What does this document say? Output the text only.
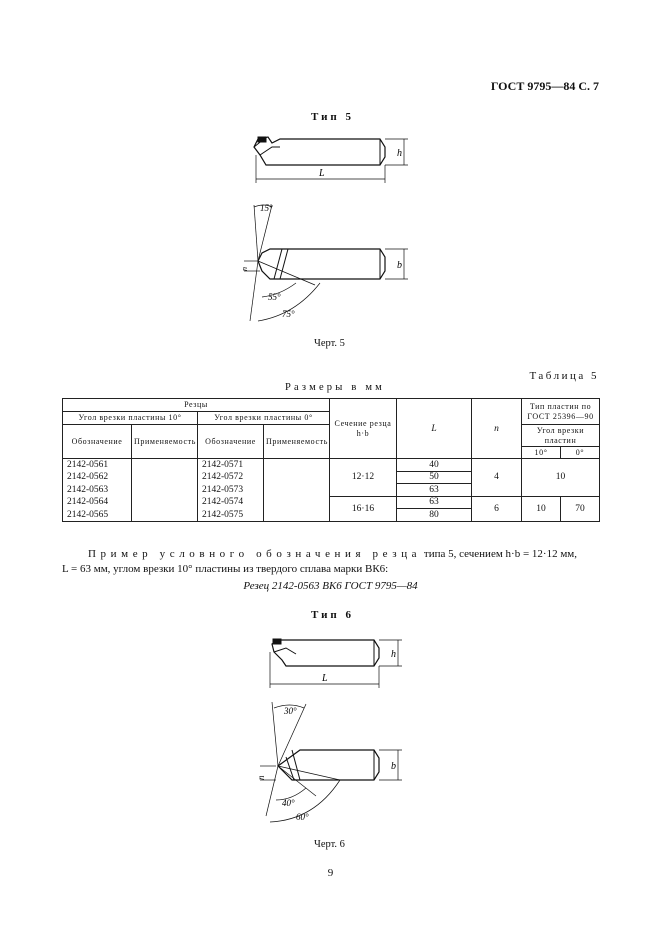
ГОСТ 9795—84 С. 7
Тип 5
h
L
b
n
15°
55°
75°
Черт. 5
Таблица 5
Размеры в мм
Резцы				Сечение резца h·b	L	n	Тип пластин по ГОСТ 25396—90	
Угол врезки пластины 10°		Угол врезки пластины 0°						
Обозначение	Применяемость	Обозначение	Применяемость				Угол врезки пластин	
							10°	0°
2142-0561		2142-0571		12·12	40	4	10	
2142-0562		2142-0572			50			
2142-0563		2142-0573			63			
2142-0564		2142-0574		16·16	63	6	10	70
2142-0565		2142-0575			80			
Пример условного обозначения резца типа 5, сечением h·b = 12·12 мм,
L = 63 мм, углом врезки 10° пластины из твердого сплава марки ВК6:
Резец 2142-0563 ВК6 ГОСТ 9795—84
Тип 6
h
L
b
n
30°
40°
60°
Черт. 6
9
